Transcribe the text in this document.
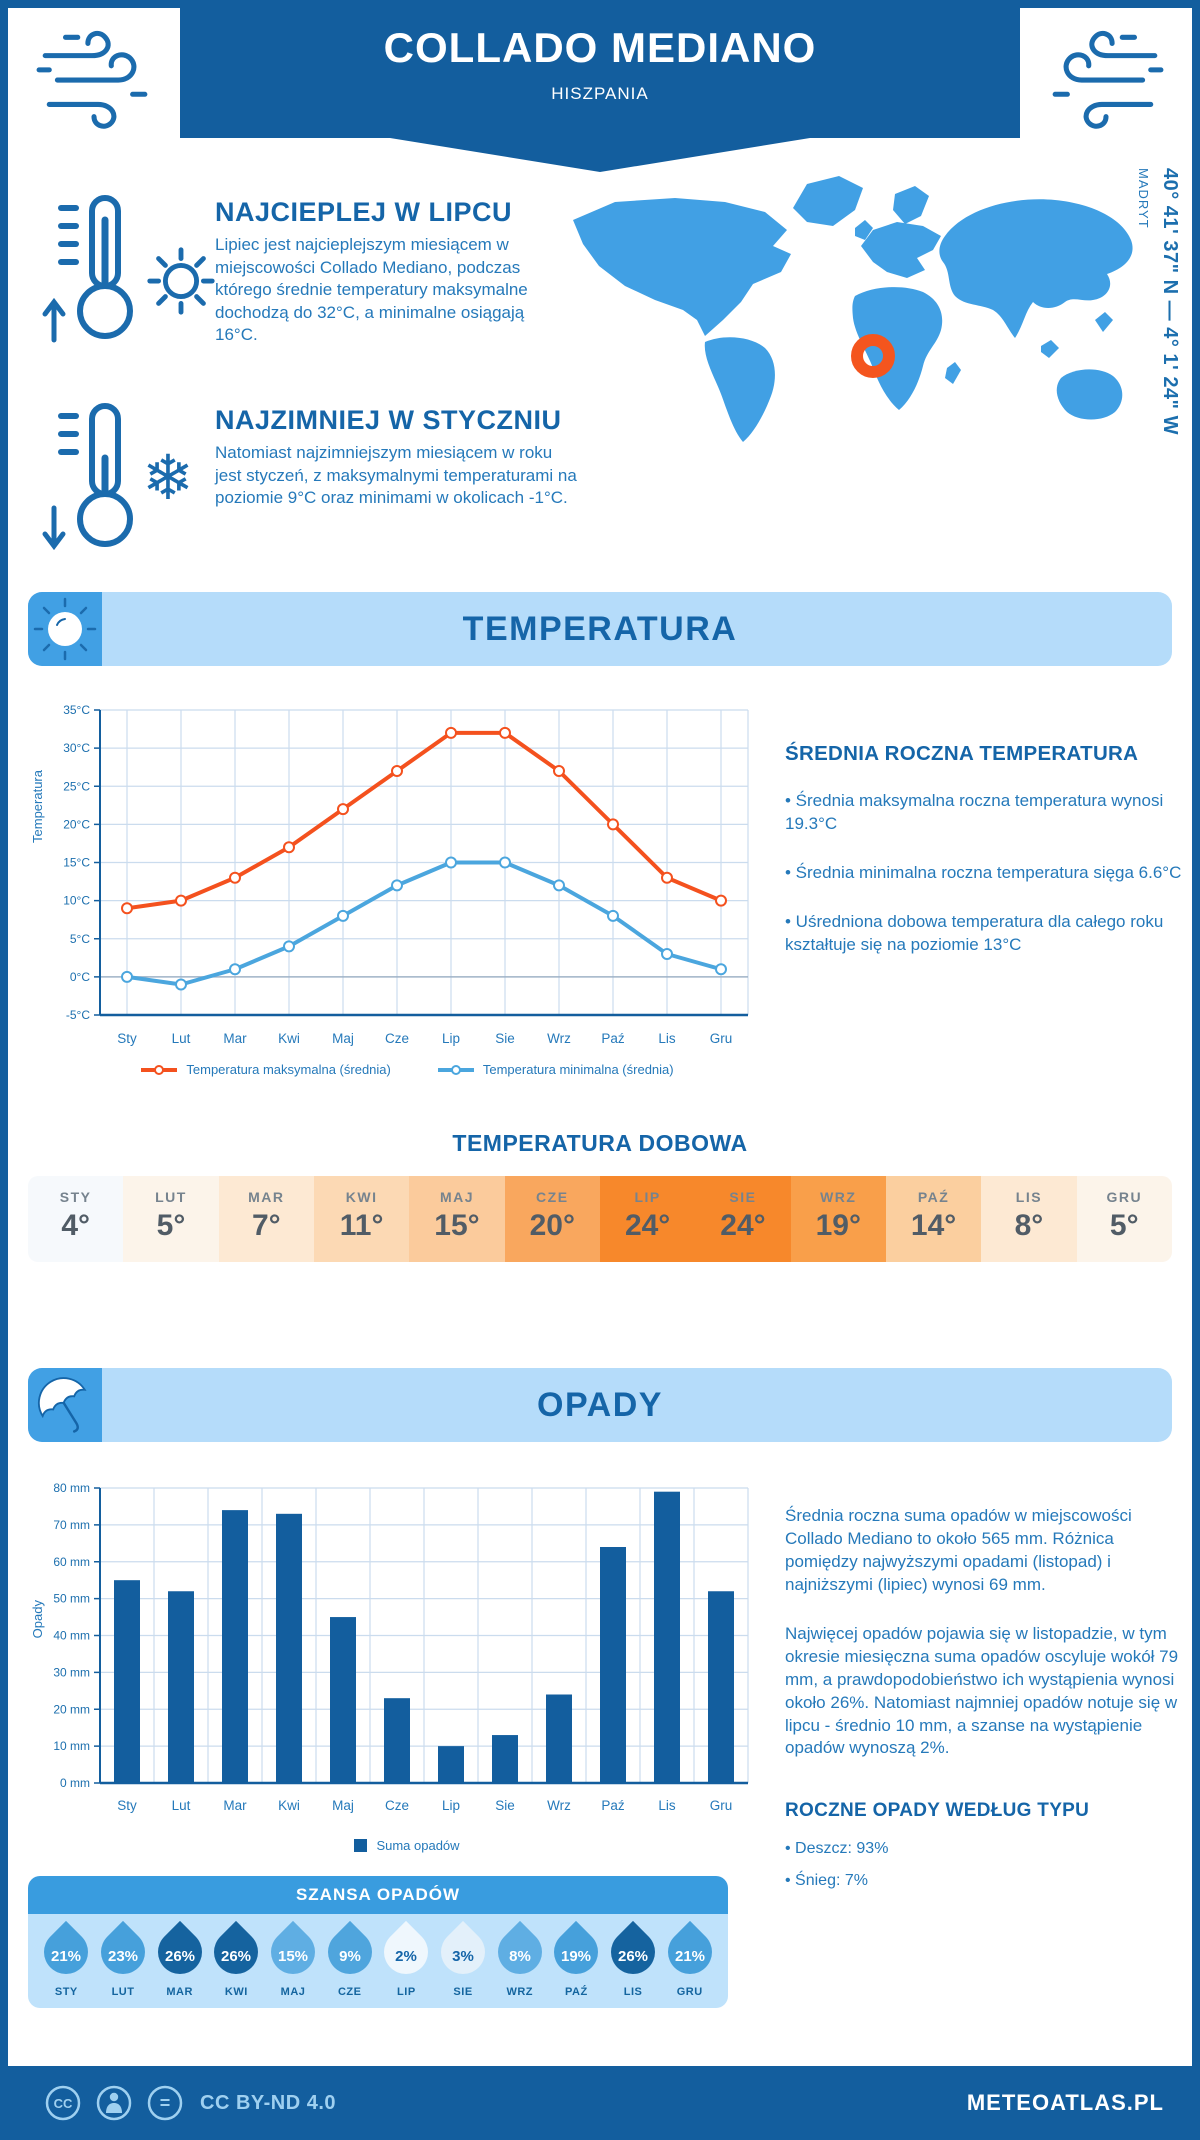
COLLADO MEDIANO
HISZPANIA
NAJCIEPLEJ W LIPCU
Lipiec jest najcieplejszym miesiącem w miejscowości Collado Mediano, podczas którego średnie temperatury maksymalne dochodzą do 32°C, a minimalne osiągają 16°C.
❄
NAJZIMNIEJ W STYCZNIU
Natomiast najzimniejszym miesiącem w roku jest styczeń, z maksymalnymi temperaturami na poziomie 9°C oraz minimami w okolicach -1°C.
MADRYT 40° 41' 37" N — 4° 1' 24" W
TEMPERATURA
Temperatura
-5°C
0°C
5°C
10°C
15°C
20°C
25°C
30°C
35°C
Sty	Lut Mar Kwi Maj Cze Lip	Sie Wrz Paź Lis	Gru
Temperatura maksymalna (średnia)	Temperatura minimalna (średnia)
ŚREDNIA ROCZNA TEMPERATURA

• Średnia maksymalna roczna temperatura wynosi 19.3°C

• Średnia minimalna roczna temperatura sięga 6.6°C

• Uśredniona dobowa temperatura dla całego roku kształtuje się na poziomie 13°C

TEMPERATURA DOBOWA
STY
4°
LUT
5°
MAR
7°
KWI
11°
MAJ
15°
CZE
20°
LIP
24°
SIE
24°
WRZ
19°
PAŹ
14°
LIS
8°
GRU
5°
OPADY
Opady
0 mm
10 mm
20 mm
30 mm
40 mm
50 mm
60 mm
70 mm
80 mm
Sty	Lut Mar Kwi Maj Cze Lip	Sie Wrz Paź Lis	Gru
Suma opadów

Średnia roczna suma opadów w miejscowości Collado Mediano to około 565 mm. Różnica pomiędzy najwyższymi opadami (listopad) i najniższymi (lipiec) wynosi 69 mm.

Najwięcej opadów pojawia się w listopadzie, w tym okresie miesięczna suma opadów oscyluje wokół 79 mm, a prawdopodobieństwo ich wystąpienia wynosi około 26%. Natomiast najmniej opadów notuje się w lipcu - średnio 10 mm, a szanse na wystąpienie opadów wynoszą 2%.

ROCZNE OPADY WEDŁUG TYPU

• Deszcz: 93%

• Śnieg: 7%

SZANSA OPADÓW
21%
STY
23%
LUT
26%
MAR
26%
KWI
15%
MAJ
9%
CZE
2%
LIP
3%
SIE
8%
WRZ
19%
PAŹ
26%
LIS
21%
GRU
CC	= CC BY-ND 4.0	METEOATLAS.PL
